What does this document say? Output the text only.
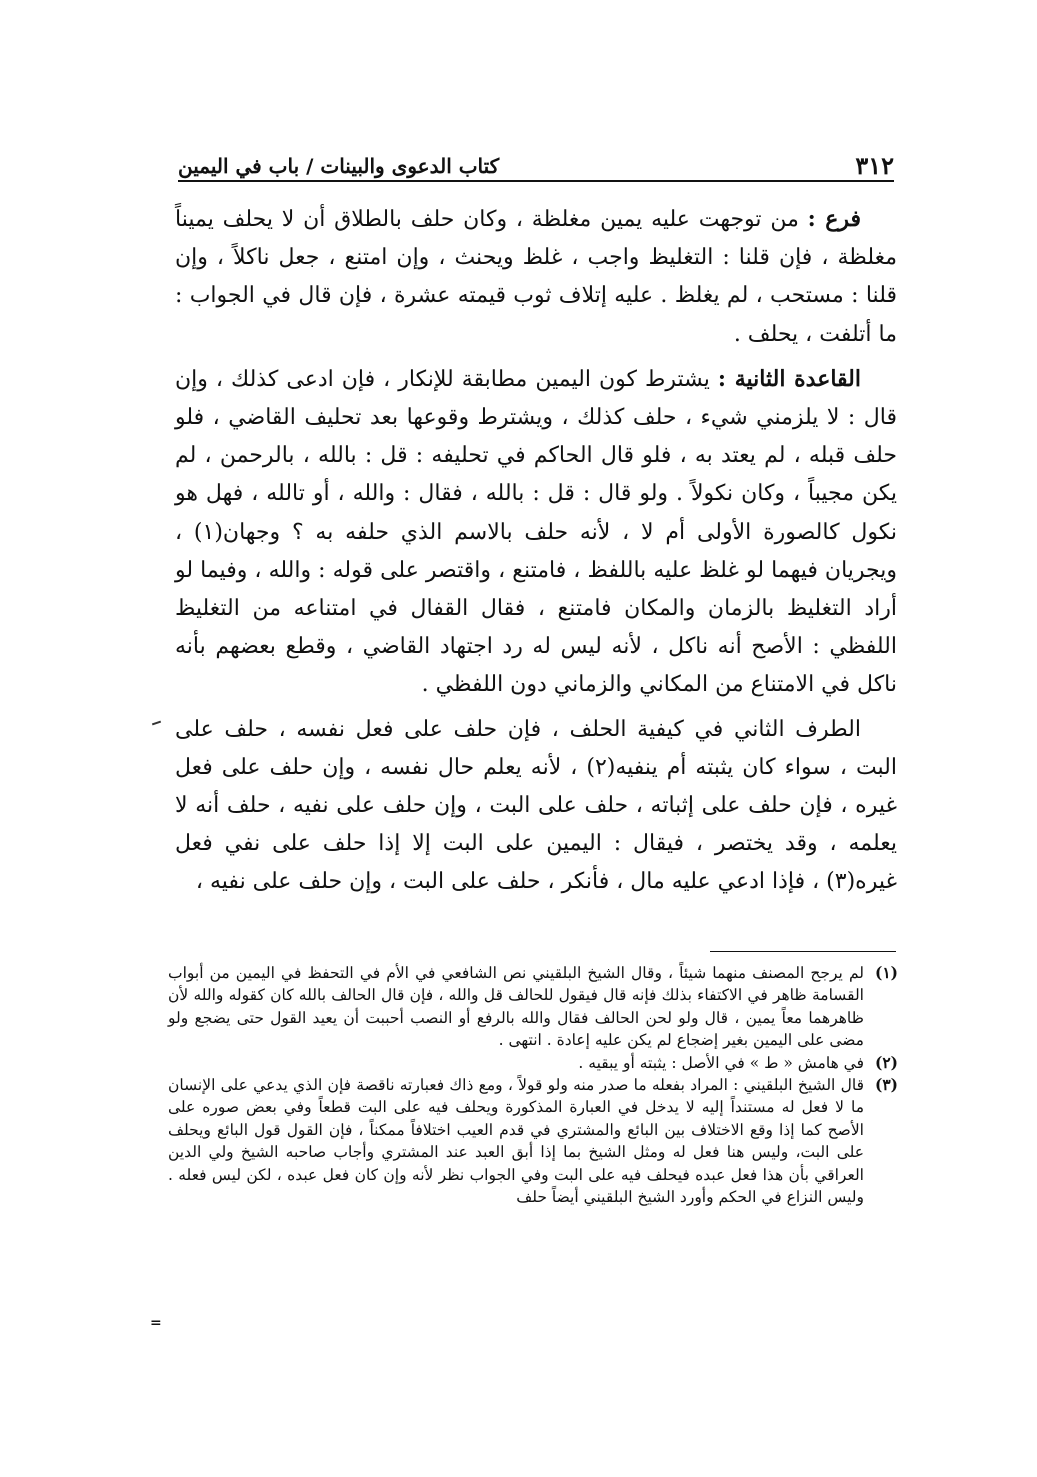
٣١٢
كتاب الدعوى والبينات / باب في اليمين

فرع : من توجهت عليه يمين مغلظة ، وكان حلف بالطلاق أن لا يحلف يميناً مغلظة ، فإن قلنا : التغليظ واجب ، غلظ ويحنث ، وإن امتنع ، جعل ناكلاً ، وإن قلنا : مستحب ، لم يغلظ . عليه إتلاف ثوب قيمته عشرة ، فإن قال في الجواب : ما أتلفت ، يحلف .

القاعدة الثانية : يشترط كون اليمين مطابقة للإنكار ، فإن ادعى كذلك ، وإن قال : لا يلزمني شيء ، حلف كذلك ، ويشترط وقوعها بعد تحليف القاضي ، فلو حلف قبله ، لم يعتد به ، فلو قال الحاكم في تحليفه : قل : بالله ، بالرحمن ، لم يكن مجيباً ، وكان نكولاً . ولو قال : قل : بالله ، فقال : والله ، أو تالله ، فهل هو نكول كالصورة الأولى أم لا ، لأنه حلف بالاسم الذي حلفه به ؟ وجهان(١) ، ويجريان فيهما لو غلظ عليه باللفظ ، فامتنع ، واقتصر على قوله : والله ، وفيما لو أراد التغليظ بالزمان والمكان فامتنع ، فقال القفال في امتناعه من التغليظ اللفظي : الأصح أنه ناكل ، لأنه ليس له رد اجتهاد القاضي ، وقطع بعضهم بأنه ناكل في الامتناع من المكاني والزماني دون اللفظي .

الطرف الثاني في كيفية الحلف ، فإن حلف على فعل نفسه ، حلف على البت ، سواء كان يثبته أم ينفيه(٢) ، لأنه يعلم حال نفسه ، وإن حلف على فعل غيره ، فإن حلف على إثباته ، حلف على البت ، وإن حلف على نفيه ، حلف أنه لا يعلمه ، وقد يختصر ، فيقال : اليمين على البت إلا إذا حلف على نفي فعل غيره(٣) ، فإذا ادعي عليه مال ، فأنكر ، حلف على البت ، وإن حلف على نفيه ،

(١)
لم يرجح المصنف منهما شيئاً ، وقال الشيخ البلقيني نص الشافعي في الأم في التحفظ في اليمين من أبواب القسامة ظاهر في الاكتفاء بذلك فإنه قال فيقول للحالف قل والله ، فإن قال الحالف بالله كان كقوله والله لأن ظاهرهما معاً يمين ، قال ولو لحن الحالف فقال والله بالرفع أو النصب أحببت أن يعيد القول حتى يضجع ولو مضى على اليمين بغير إضجاع لم يكن عليه إعادة . انتهى .
(٢)
في هامش « ط » في الأصل : يثبته أو يبقيه .
(٣)
قال الشيخ البلقيني : المراد بفعله ما صدر منه ولو قولاً ، ومع ذاك فعبارته ناقصة فإن الذي يدعي على الإنسان ما لا فعل له مستنداً إليه لا يدخل في العبارة المذكورة ويحلف فيه على البت قطعاً وفي بعض صوره على الأصح كما إذا وقع الاختلاف بين البائع والمشتري في قدم العيب اختلافاً ممكناً ، فإن القول قول البائع ويحلف على البت، وليس هنا فعل له ومثل الشيخ بما إذا أبق العبد عند المشتري وأجاب صاحبه الشيخ ولي الدين العراقي بأن هذا فعل عبده فيحلف فيه على البت وفي الجواب نظر لأنه وإن كان فعل عبده ، لكن ليس فعله . وليس النزاع في الحكم وأورد الشيخ البلقيني أيضاً حلف
=
